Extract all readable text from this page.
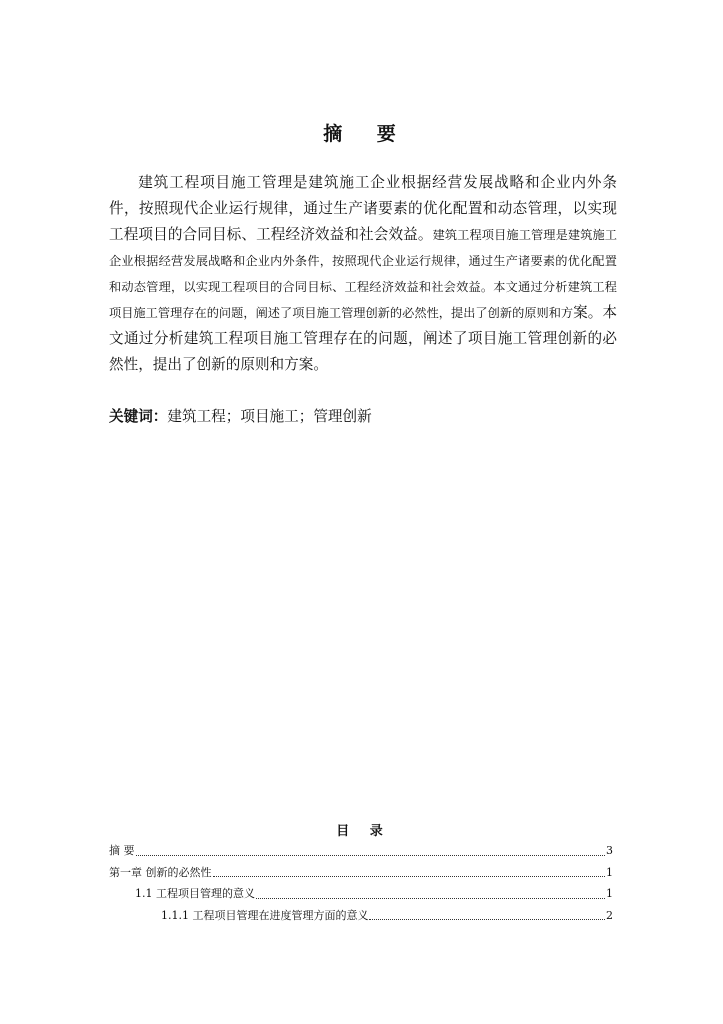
摘 要

建筑工程项目施工管理是建筑施工企业根据经营发展战略和企业内外条件，按照现代企业运行规律，通过生产诸要素的优化配置和动态管理，以实现工程项目的合同目标、工程经济效益和社会效益。建筑工程项目施工管理是建筑施工企业根据经营发展战略和企业内外条件，按照现代企业运行规律，通过生产诸要素的优化配置和动态管理，以实现工程项目的合同目标、工程经济效益和社会效益。本文通过分析建筑工程项目施工管理存在的问题，阐述了项目施工管理创新的必然性，提出了创新的原则和方案。本文通过分析建筑工程项目施工管理存在的问题，阐述了项目施工管理创新的必然性，提出了创新的原则和方案。

关键词：建筑工程；项目施工；管理创新

目 录
摘 要	3
第一章 创新的必然性	1
1.1 工程项目管理的意义	1
1.1.1 工程项目管理在进度管理方面的意义	2
